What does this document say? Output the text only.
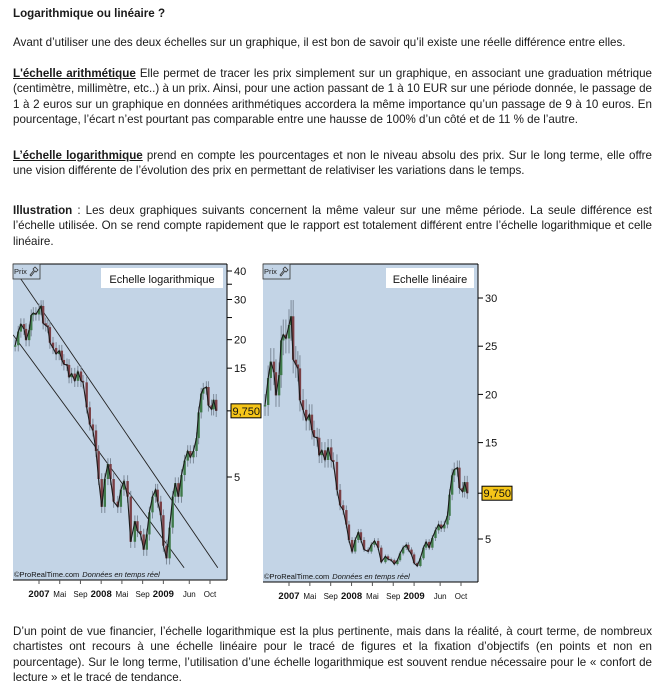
Logarithmique ou linéaire ?

Avant d’utiliser une des deux échelles sur un graphique, il est bon de savoir qu’il existe une réelle différence entre elles.

L'échelle arithmétique Elle permet de tracer les prix simplement sur un graphique, en associant une graduation métrique (centimètre, millimètre, etc..) à un prix. Ainsi, pour une action passant de 1 à 10 EUR sur une période donnée, le passage de 1 à 2 euros sur un graphique en données arithmétiques accordera la même importance qu’un passage de 9 à 10 euros. En pourcentage, l’écart n’est pourtant pas comparable entre une hausse de 100% d’un côté et de 11 % de l’autre.

L’échelle logarithmique prend en compte les pourcentages et non le niveau absolu des prix. Sur le long terme, elle offre une vision différente de l’évolution des prix en permettant de relativiser les variations dans le temps.

Illustration : Les deux graphiques suivants concernent la même valeur sur une même période. La seule différence est l’échelle utilisée. On se rend compte rapidement que le rapport est totalement différent entre l’échelle logarithmique et celle linéaire.

Prix
Echelle logarithmique
40
30
20
15
5
9,750
©ProRealTime.com Données en temps réel
2007 Mai Sep 2008 Mai Sep 2009 Jun Oct
Prix
Echelle linéaire
30
25
20
15
5
9,750
©ProRealTime.com Données en temps réel
2007 Mai Sep 2008 Mai Sep 2009 Jun Oct

D’un point de vue financier, l’échelle logarithmique est la plus pertinente, mais dans la réalité, à court terme, de nombreux chartistes ont recours à une échelle linéaire pour le tracé de figures et la fixation d’objectifs (en points et non en pourcentage). Sur le long terme, l’utilisation d’une échelle logarithmique est souvent rendue nécessaire pour le « confort de lecture » et le tracé de tendance.
